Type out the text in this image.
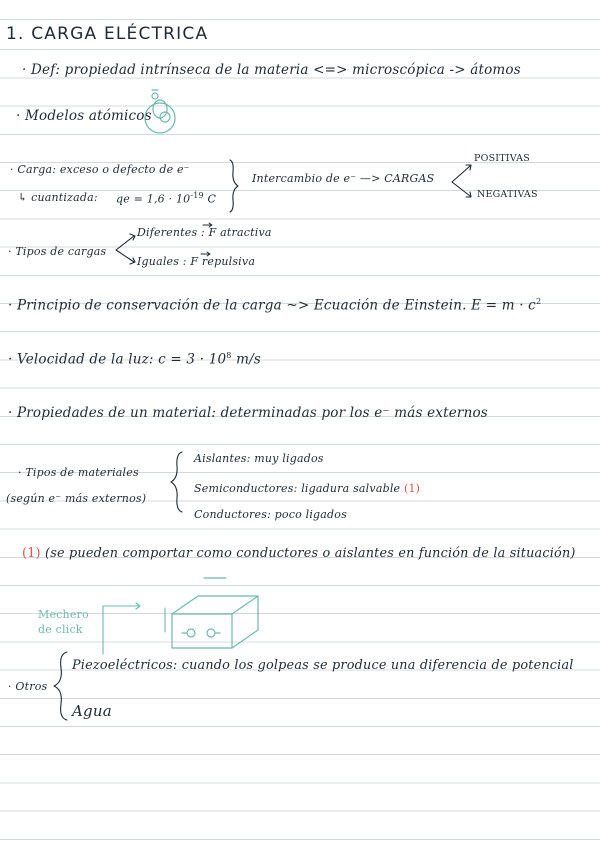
1. CARGA ELÉCTRICA
· Def: propiedad intrínseca de la materia <=> microscópica -> átomos
· Modelos atómicos
· Carga: exceso o defecto de e⁻
↳ cuantizada: qe = $1,6 \cdot 10^{-19}$ C
Intercambio de e⁻ —> CARGAS
POSITIVAS
NEGATIVAS
· Tipos de cargas
Diferentes : F atractiva
Iguales : F repulsiva
· Principio de conservación de la carga ~> Ecuación de Einstein. $E = m \cdot c^2$
· Velocidad de la luz: $c = 3 \cdot 10^8$ m/s
· Propiedades de un material: determinadas por los e⁻ más externos
· Tipos de materiales
(según e⁻ más externos)
Aislantes: muy ligados
Semiconductores: ligadura salvable (1)
Conductores: poco ligados
(1) (se pueden comportar como conductores o aislantes en función de la situación)
Mechero
de click
· Otros
Piezoeléctricos: cuando los golpeas se produce una diferencia de potencial
Agua
